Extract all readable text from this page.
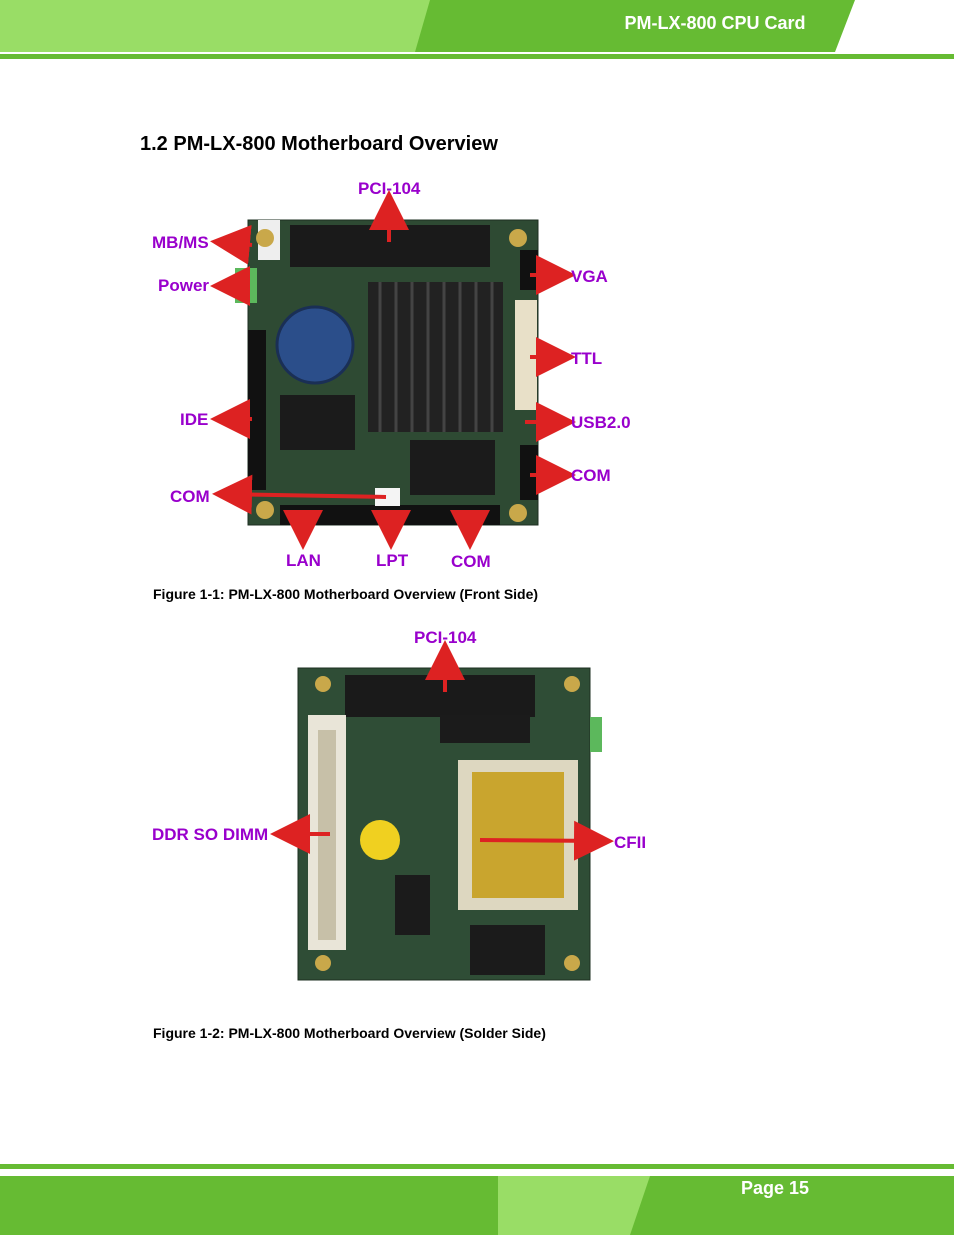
PM-LX-800 CPU Card
1.2 PM-LX-800 Motherboard Overview
PCI-104
MB/MS
Power	VGA
TTL
IDE	USB2.0
COM
COM
LAN	LPT	COM
Figure 1-1: PM-LX-800 Motherboard Overview (Front Side)
PCI-104
DDR SO DIMM	CFII
Figure 1-2: PM-LX-800 Motherboard Overview (Solder Side)
Page 15
